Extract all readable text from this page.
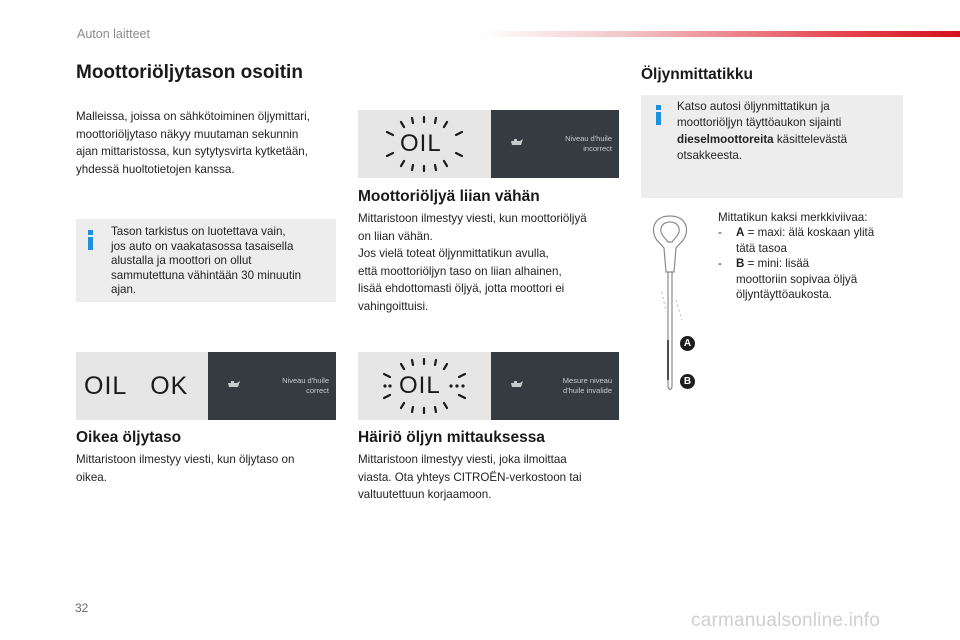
Auton laitteet
Moottoriöljytason osoitin
Malleissa, joissa on sähkötoiminen öljymittari,
moottoriöljytaso näkyy muutaman sekunnin
ajan mittaristossa, kun sytytysvirta kytketään,
yhdessä huoltotietojen kanssa.
Tason tarkistus on luotettava vain,
jos auto on vaakatasossa tasaisella
alustalla ja moottori on ollut
sammutettuna vähintään 30 minuutin
ajan.
OIL	Niveau d'huile
incorrect
Moottoriöljyä liian vähän
Mittaristoon ilmestyy viesti, kun moottoriöljyä
on liian vähän.
Jos vielä toteat öljynmittatikun avulla,
että moottoriöljyn taso on liian alhainen,
lisää ehdottomasti öljyä, jotta moottori ei
vahingoittuisi.
OIL   OK	Niveau d'huile
correct
Oikea öljytaso
Mittaristoon ilmestyy viesti, kun öljytaso on
oikea.
OIL	Mesure niveau
d'huile invalide
Häiriö öljyn mittauksessa
Mittaristoon ilmestyy viesti, joka ilmoittaa
viasta. Ota yhteys CITROËN-verkostoon tai
valtuutettuun korjaamoon.
Öljynmittatikku
Katso autosi öljynmittatikun ja
moottoriöljyn täyttöaukon sijainti
dieselmoottoreita käsittelevästä
otsakkeesta.
A
B
Mittatikun kaksi merkkiviivaa:
- A = maxi: älä koskaan ylitä
tätä tasoa
- B = mini: lisää
moottoriin sopivaa öljyä
öljyntäyttöaukosta.
32
carmanualsonline.info
